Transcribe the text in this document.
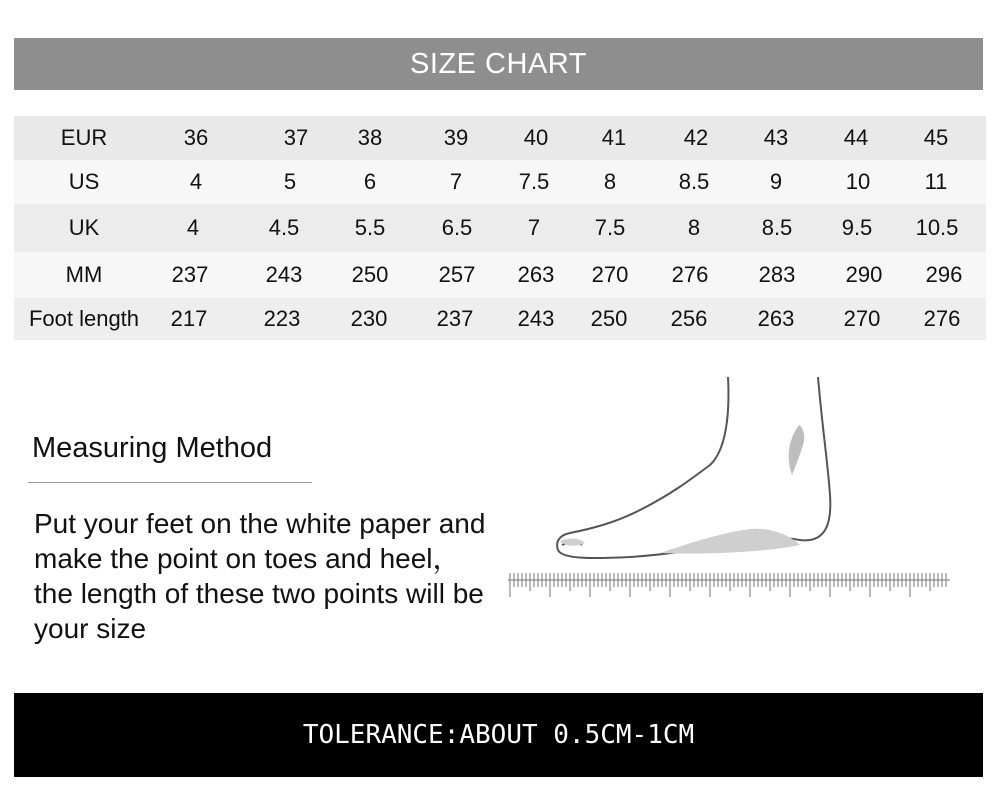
SIZE CHART
EUR	36	37	38	39	40	41	42	43	44	45
US	4	5	6	7	7.5	8	8.5	9	10	11
UK	4	4.5	5.5	6.5	7	7.5	8	8.5	9.5	10.5
MM	237	243	250	257	263	270	276	283	290	296
Foot length	217	223	230	237	243	250	256	263	270	276
Measuring Method
Put your feet on the white paper and make the point on toes and heel，the length of these two points will be your size
TOLERANCE:ABOUT 0.5CM-1CM
